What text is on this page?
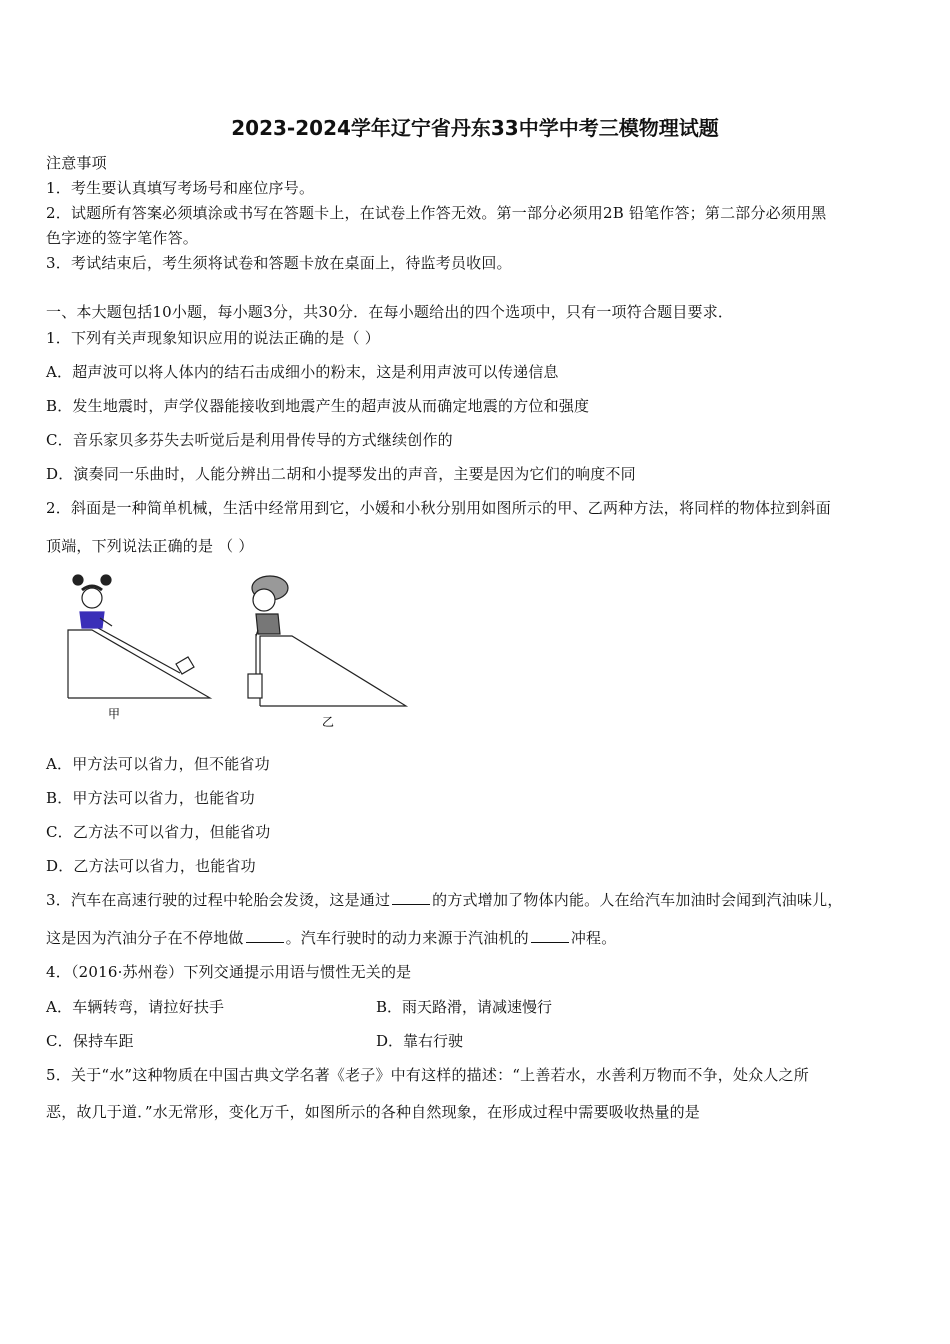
2023-2024学年辽宁省丹东33中学中考三模物理试题
注意事项
1．考生要认真填写考场号和座位序号。
2．试题所有答案必须填涂或书写在答题卡上，在试卷上作答无效。第一部分必须用2B 铅笔作答；第二部分必须用黑
色字迹的签字笔作答。
3．考试结束后，考生须将试卷和答题卡放在桌面上，待监考员收回。
一、本大题包括10小题，每小题3分，共30分．在每小题给出的四个选项中，只有一项符合题目要求．
1．下列有关声现象知识应用的说法正确的是（ ）
A．超声波可以将人体内的结石击成细小的粉末，这是利用声波可以传递信息
B．发生地震时，声学仪器能接收到地震产生的超声波从而确定地震的方位和强度
C．音乐家贝多芬失去听觉后是利用骨传导的方式继续创作的
D．演奏同一乐曲时，人能分辨出二胡和小提琴发出的声音，主要是因为它们的响度不同
2．斜面是一种简单机械，生活中经常用到它，小媛和小秋分别用如图所示的甲、乙两种方法，将同样的物体拉到斜面
顶端，下列说法正确的是 （ ）
甲
乙
A．甲方法可以省力，但不能省功
B．甲方法可以省力，也能省功
C．乙方法不可以省力，但能省功
D．乙方法可以省力，也能省功
3．汽车在高速行驶的过程中轮胎会发烫，这是通过	的方式增加了物体内能。人在给汽车加油时会闻到汽油味儿，
这是因为汽油分子在不停地做	。汽车行驶时的动力来源于汽油机的	冲程。
4．（2016·苏州卷）下列交通提示用语与惯性无关的是
A．车辆转弯，请拉好扶手	B．雨天路滑，请减速慢行
C．保持车距	D．靠右行驶
5．关于“水”这种物质在中国古典文学名著《老子》中有这样的描述：“上善若水，水善利万物而不争，处众人之所
恶，故几于道．”水无常形，变化万千，如图所示的各种自然现象，在形成过程中需要吸收热量的是
